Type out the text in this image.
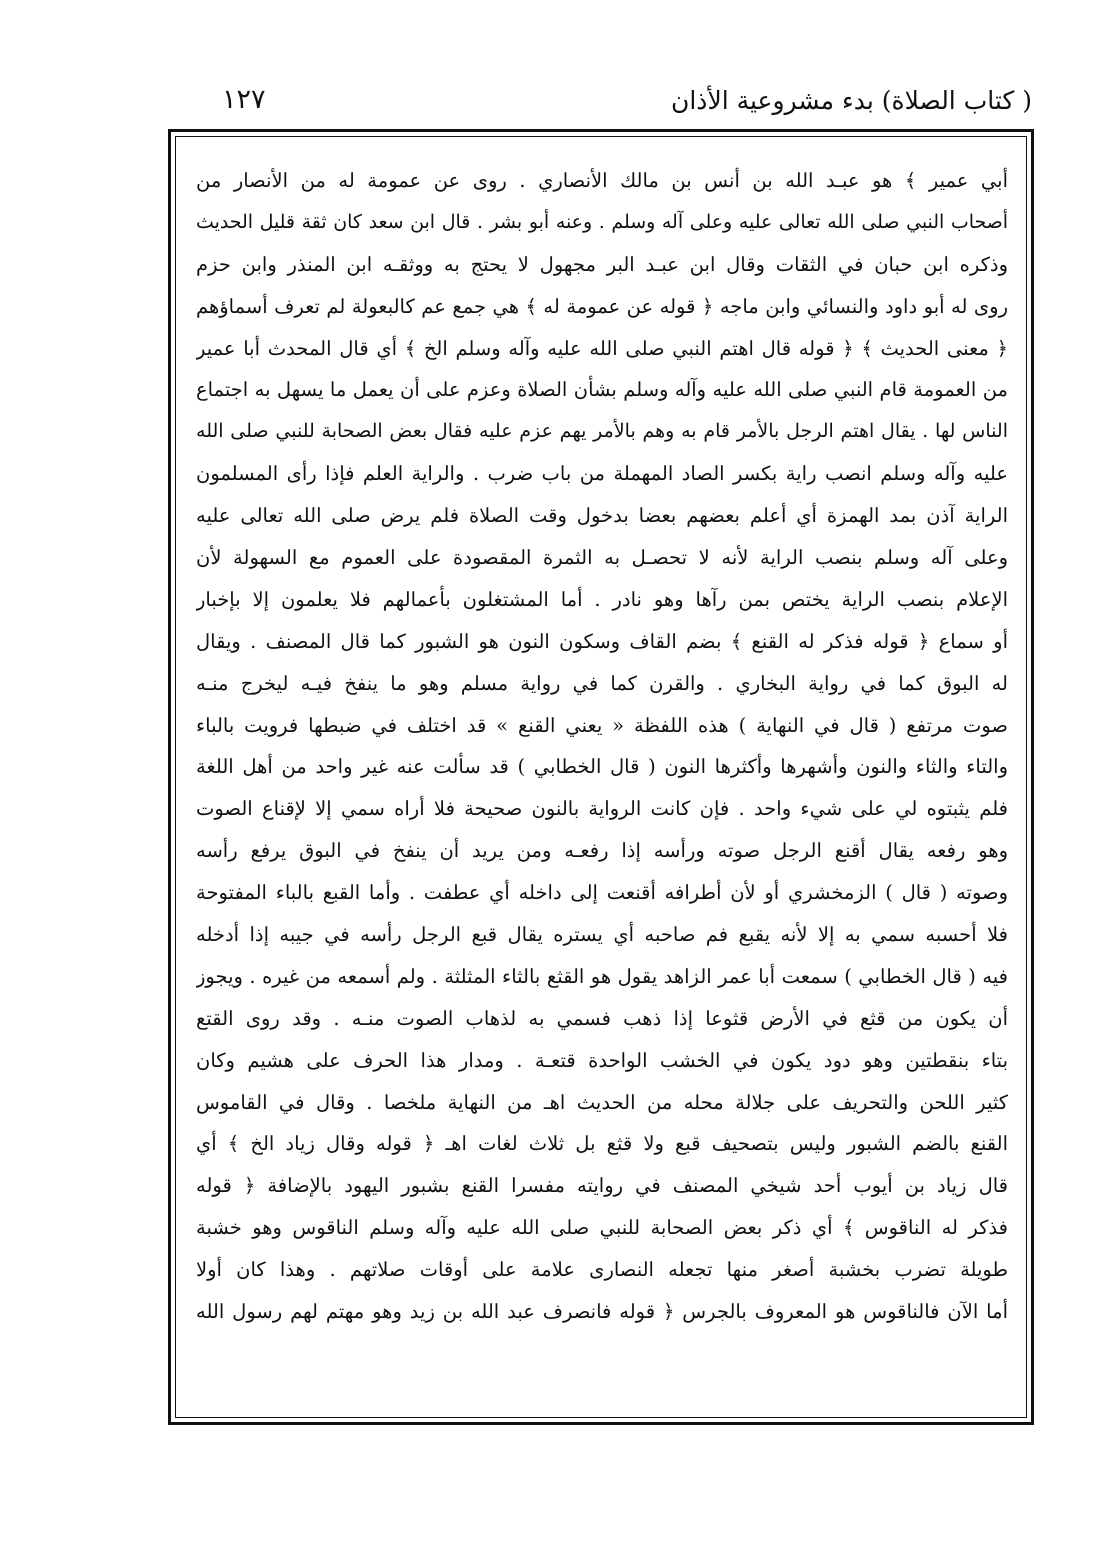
( كتاب الصلاة) بدء مشروعية الأذان
١٢٧
أبي عمير ﴾ هو عبـد الله بن أنس بن مالك الأنصاري . روى عن عمومة له من الأنصار من
أصحاب النبي صلى الله تعالى عليه وعلى آله وسلم . وعنه أبو بشر . قال ابن سعد كان ثقة قليل الحديث
وذكره ابن حبان في الثقات وقال ابن عبـد البر مجهول لا يحتج به ووثقـه ابن المنذر وابن حزم
روى له أبو داود والنسائي وابن ماجه ﴿ قوله عن عمومة له ﴾ هي جمع عم كالبعولة لم تعرف أسماؤهم
﴿ معنى الحديث ﴾ ﴿ قوله قال اهتم النبي صلى الله عليه وآله وسلم الخ ﴾ أي قال المحدث أبا عمير
من العمومة قام النبي صلى الله عليه وآله وسلم بشأن الصلاة وعزم على أن يعمل ما يسهل به اجتماع
الناس لها . يقال اهتم الرجل بالأمر قام به وهم بالأمر يهم عزم عليه فقال بعض الصحابة للنبي صلى الله
عليه وآله وسلم انصب راية بكسر الصاد المهملة من باب ضرب . والراية العلم فإذا رأى المسلمون
الراية آذن بمد الهمزة أي أعلم بعضهم بعضا بدخول وقت الصلاة فلم يرض صلى الله تعالى عليه
وعلى آله وسلم بنصب الراية لأنه لا تحصـل به الثمرة المقصودة على العموم مع السهولة لأن
الإعلام بنصب الراية يختص بمن رآها وهو نادر . أما المشتغلون بأعمالهم فلا يعلمون إلا بإخبار
أو سماع ﴿ قوله فذكر له القنع ﴾ بضم القاف وسكون النون هو الشبور كما قال المصنف . ويقال
له البوق كما في رواية البخاري . والقرن كما في رواية مسلم وهو ما ينفخ فيـه ليخرج منـه
صوت مرتفع ( قال في النهاية ) هذه اللفظة « يعني القنع » قد اختلف في ضبطها فرويت بالباء
والتاء والثاء والنون وأشهرها وأكثرها النون ( قال الخطابي ) قد سألت عنه غير واحد من أهل اللغة
فلم يثبتوه لي على شيء واحد . فإن كانت الرواية بالنون صحيحة فلا أراه سمي إلا لإقناع الصوت
وهو رفعه يقال أقنع الرجل صوته ورأسه إذا رفعـه ومن يريد أن ينفخ في البوق يرفع رأسه
وصوته ( قال ) الزمخشري أو لأن أطرافه أقنعت إلى داخله أي عطفت . وأما القبع بالباء المفتوحة
فلا أحسبه سمي به إلا لأنه يقبع فم صاحبه أي يستره يقال قبع الرجل رأسه في جيبه إذا أدخله
فيه ( قال الخطابي ) سمعت أبا عمر الزاهد يقول هو القثع بالثاء المثلثة . ولم أسمعه من غيره . ويجوز
أن يكون من قثع في الأرض قثوعا إذا ذهب فسمي به لذهاب الصوت منـه . وقد روى القتع
بتاء بنقطتين وهو دود يكون في الخشب الواحدة قتعـة . ومدار هذا الحرف على هشيم وكان
كثير اللحن والتحريف على جلالة محله من الحديث اهـ من النهاية ملخصا . وقال في القاموس
القنع بالضم الشبور وليس بتصحيف قبع ولا قثع بل ثلاث لغات اهـ ﴿ قوله وقال زياد الخ ﴾ أي
قال زياد بن أيوب أحد شيخي المصنف في روايته مفسرا القنع بشبور اليهود بالإضافة ﴿ قوله
فذكر له الناقوس ﴾ أي ذكر بعض الصحابة للنبي صلى الله عليه وآله وسلم الناقوس وهو خشبة
طويلة تضرب بخشبة أصغر منها تجعله النصارى علامة على أوقات صلاتهم . وهذا كان أولا
أما الآن فالناقوس هو المعروف بالجرس ﴿ قوله فانصرف عبد الله بن زيد وهو مهتم لهم رسول الله
